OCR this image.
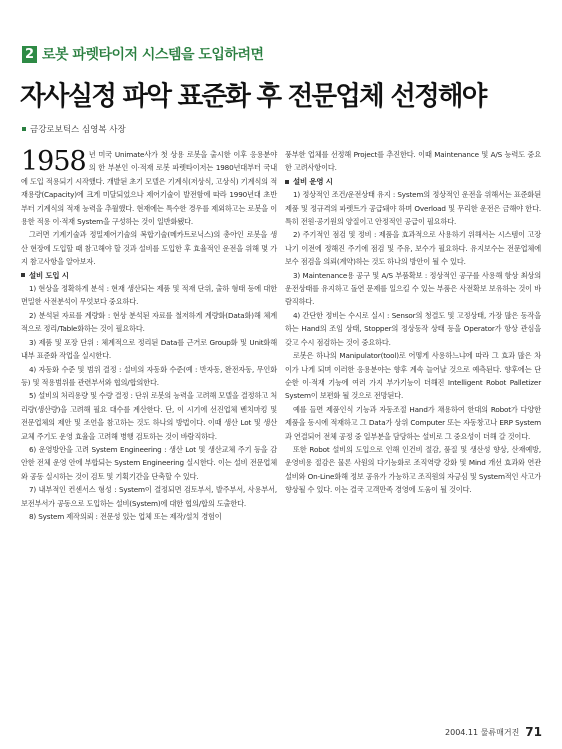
2 로봇 파렛타이저 시스템을 도입하려면
자사실정 파악 표준화 후 전문업체 선정해야
금강로보틱스 심영복 사장

1958 년 미국 Unimate사가 첫 상용 로봇을 출시한 이후 응용분야의 한 부분인 이·적재 로봇 파렛타이저는 1980년대부터 국내에 도입 적용되기 시작했다. 개발된 초기 모델은 기계식(저상식, 고상식) 기계식의 적재용량(Capacity)에 크게 미달되었으나 제어기술이 발전함에 따라 1990년대 초반부터 기계식의 적재 능력을 추월했다. 현재에는 특수한 경우를 제외하고는 로봇을 이용한 적용 이·적재 System을 구성하는 것이 일반화됐다.

그러면 기계기술과 정밀제어기술의 복합기술(메카트로닉스)의 총아인 로봇을 생산 현장에 도입할 때 참고해야 할 것과 설비를 도입한 후 효율적인 운전을 위해 몇 가지 참고사항을 알아보자.

설비 도입 시

1) 현상을 정확하게 분석 : 현재 생산되는 제품 및 적재 단위, 출하 형태 등에 대한 면밀한 사전분석이 무엇보다 중요하다.

2) 분석된 자료를 계량화 : 현상 분석된 자료를 철저하게 계량화(Data화)해 체계적으로 정리/Table화하는 것이 필요하다.

3) 제품 및 포장 단위 : 체계적으로 정리된 Data를 근거로 Group화 및 Unit화해 내부 표준화 작업을 실시한다.

4) 자동화 수준 및 범위 결정 : 설비의 자동화 수준(예 : 반자동, 완전자동, 무인화 등) 및 적용범위를 관련부서와 협의/합의한다.

5) 설비의 처리용량 및 수량 결정 : 단위 로봇의 능력을 고려해 모델을 결정하고 처리량(생산량)을 고려해 필요 대수를 계산한다. 단, 이 시기에 선진업체 벤치마킹 및 전문업체의 제안 및 조언을 참고하는 것도 하나의 방법이다. 이때 생산 Lot 및 생산 교체 주기도 운영 효율을 고려해 병행 검토하는 것이 바람직하다.

6) 운영방안을 고려 System Engineering : 생산 Lot 및 생산교체 주기 등을 감안한 전체 운영 안에 부합되는 System Engineering 실시한다. 이는 설비 전문업체와 공동 실시하는 것이 검토 및 기획기간을 단축할 수 있다.

7) 내부적인 컨센서스 형성 : System이 결정되면 검토부서, 발주부서, 사용부서, 보전부서가 공동으로 도입하는 설비(System)에 대한 협의/합의 도출한다.

8) System 제작의뢰 : 전문성 있는 업체 또는 제작/설치 경험이

풍부한 업체를 선정해 Project를 추진한다. 이때 Maintenance 및 A/S 능력도 중요한 고려사항이다.

설비 운영 시

1) 정상적인 조건/운전상태 유지 : System의 정상적인 운전을 위해서는 표준화된 제품 및 정규격의 파렛트가 공급돼야 하며 Overload 및 무리한 운전은 금해야 한다. 특히 전원·공기원의 양질이고 안정적인 공급이 필요하다.

2) 주기적인 점검 및 정비 : 제품을 효과적으로 사용하기 위해서는 시스템이 고장나기 이전에 정해진 주기에 점검 및 주유, 보수가 필요하다. 유지보수는 전문업체에 보수 점검을 의뢰(계약)하는 것도 하나의 방안이 될 수 있다.

3) Maintenance용 공구 및 A/S 부품확보 : 정상적인 공구를 사용해 항상 최상의 운전상태를 유지하고 돌연 문제를 일으킬 수 있는 부품은 사전확보 보유하는 것이 바람직하다.

4) 간단한 정비는 수시로 실시 : Sensor의 청결도 및 고정상태, 가장 많은 동작을 하는 Hand의 조임 상태, Stopper의 정상동작 상태 등을 Operator가 항상 관심을 갖고 수시 점검하는 것이 중요하다.

로봇은 하나의 Manipulator(tool)로 어떻게 사용하느냐에 따라 그 효과 많은 차이가 나게 되며 이러한 응용분야는 향후 계속 늘어날 것으로 예측된다. 향후에는 단순한 이·적재 기능에 여러 가지 부가기능이 더해진 Intelligent Robot Palletizer System이 보편화 될 것으로 전망된다.

예를 들면 제품인식 기능과 자동조절 Hand가 채용하여 한대의 Robot가 다양한 제품을 동시에 적재하고 그 Data가 상위 Computer 또는 자동창고나 ERP System과 연결되어 전체 공정 중 일부분을 담당하는 설비로 그 중요성이 더해 갈 것이다.

또한 Robot 설비의 도입으로 인해 인건비 절감, 품질 및 생산성 향상, 산재예방, 운영비용 절감은 물론 사원의 다기능화로 조직역량 강화 및 Mind 개선 효과와 연관 설비와 On-Line화해 정보 공유가 가능하고 조직원의 자긍심 및 System적인 사고가 향상될 수 있다. 이는 결국 고객만족 경영에 도움이 될 것이다.

2004.11 물류매거진 71
